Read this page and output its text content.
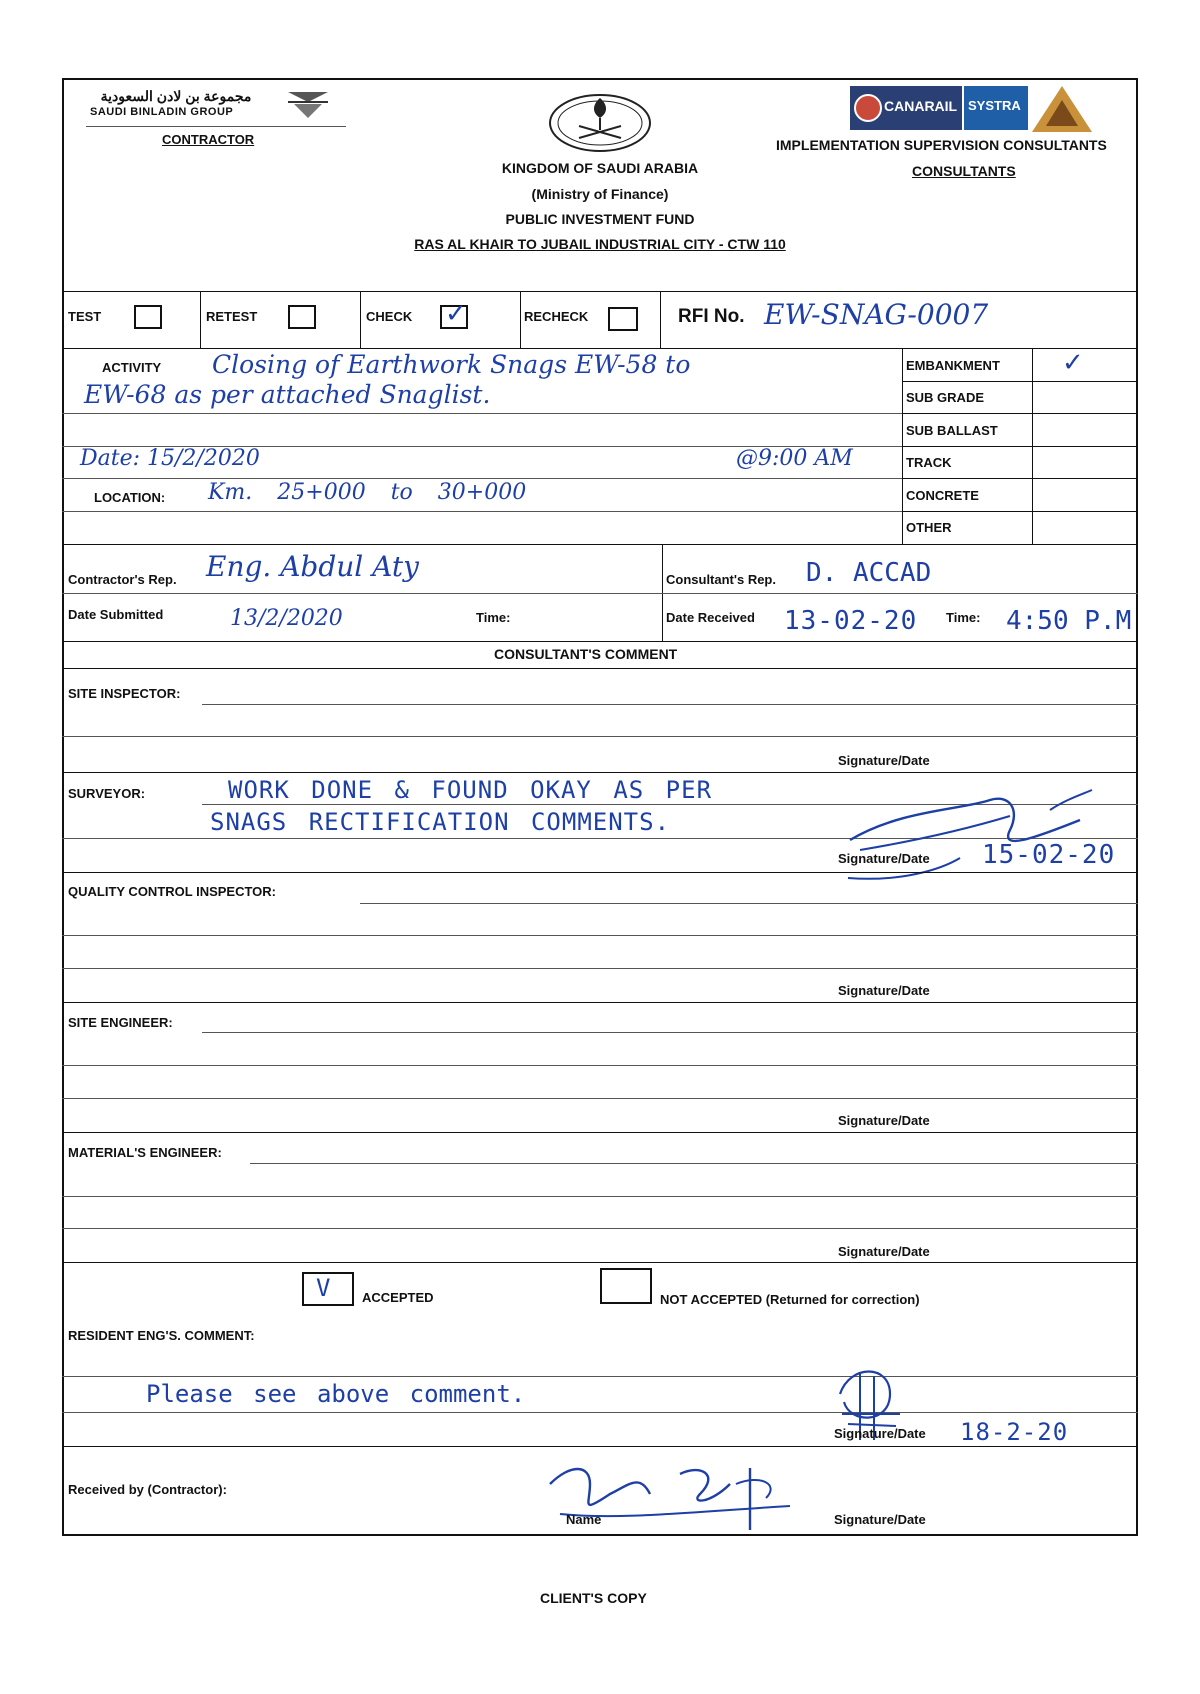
مجموعة بن لادن السعودية
SAUDI BINLADIN GROUP
CONTRACTOR
CANARAIL SYSTRA
IMPLEMENTATION SUPERVISION CONSULTANTS
CONSULTANTS
KINGDOM OF SAUDI ARABIA
(Ministry of Finance)
PUBLIC INVESTMENT FUND
RAS AL KHAIR TO JUBAIL INDUSTRIAL CITY - CTW 110
TEST	RETEST	CHECK ✓	RECHECK	RFI No. EW-SNAG-0007
ACTIVITY Closing of Earthwork Snags EW-58 to
EW-68 as per attached Snaglist.
Date: 15/2/2020	@9:00 AM
LOCATION: Km. 25+000 to 30+000
EMBANKMENT ✓
SUB GRADE
SUB BALLAST
TRACK
CONCRETE
OTHER
Contractor's Rep. Eng. Abdul Aty	Consultant's Rep. D. ACCAD
Date Submitted	13/2/2020	Time:	Date Received 13-02-20 Time: 4:50 P.M
CONSULTANT'S COMMENT
SITE INSPECTOR:
Signature/Date
SURVEYOR:	WORK DONE & FOUND OKAY AS PER
SNAGS RECTIFICATION COMMENTS.
Signature/Date 15-02-20
QUALITY CONTROL INSPECTOR:
Signature/Date
SITE ENGINEER:
Signature/Date
MATERIAL'S ENGINEER:
Signature/Date
V ACCEPTED	NOT ACCEPTED (Returned for correction)
RESIDENT ENG'S. COMMENT:
Please see above comment.
Signature/Date 18-2-20
Received by (Contractor):
Name	Signature/Date
CLIENT'S COPY
